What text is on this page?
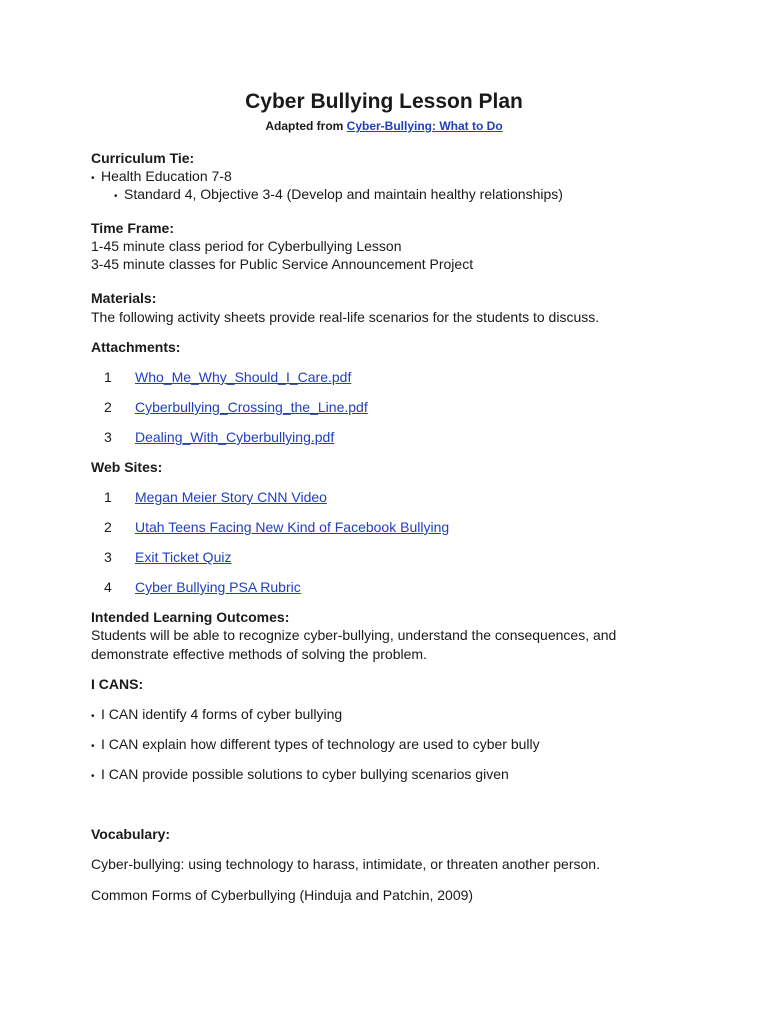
Cyber Bullying Lesson Plan
Adapted from Cyber-Bullying: What to Do
Curriculum Tie:
• Health Education 7-8
• Standard 4, Objective 3-4 (Develop and maintain healthy relationships)
Time Frame:
1-45 minute class period for Cyberbullying Lesson
3-45 minute classes for Public Service Announcement Project
Materials:
The following activity sheets provide real-life scenarios for the students to discuss.
Attachments:
1 Who_Me_Why_Should_I_Care.pdf
2 Cyberbullying_Crossing_the_Line.pdf
3 Dealing_With_Cyberbullying.pdf
Web Sites:
1 Megan Meier Story CNN Video
2 Utah Teens Facing New Kind of Facebook Bullying
3 Exit Ticket Quiz
4 Cyber Bullying PSA Rubric
Intended Learning Outcomes:
Students will be able to recognize cyber-bullying, understand the consequences, and
demonstrate effective methods of solving the problem.
I CANS:
• I CAN identify 4 forms of cyber bullying
• I CAN explain how different types of technology are used to cyber bully
• I CAN provide possible solutions to cyber bullying scenarios given
Vocabulary:
Cyber-bullying: using technology to harass, intimidate, or threaten another person.
Common Forms of Cyberbullying (Hinduja and Patchin, 2009)
